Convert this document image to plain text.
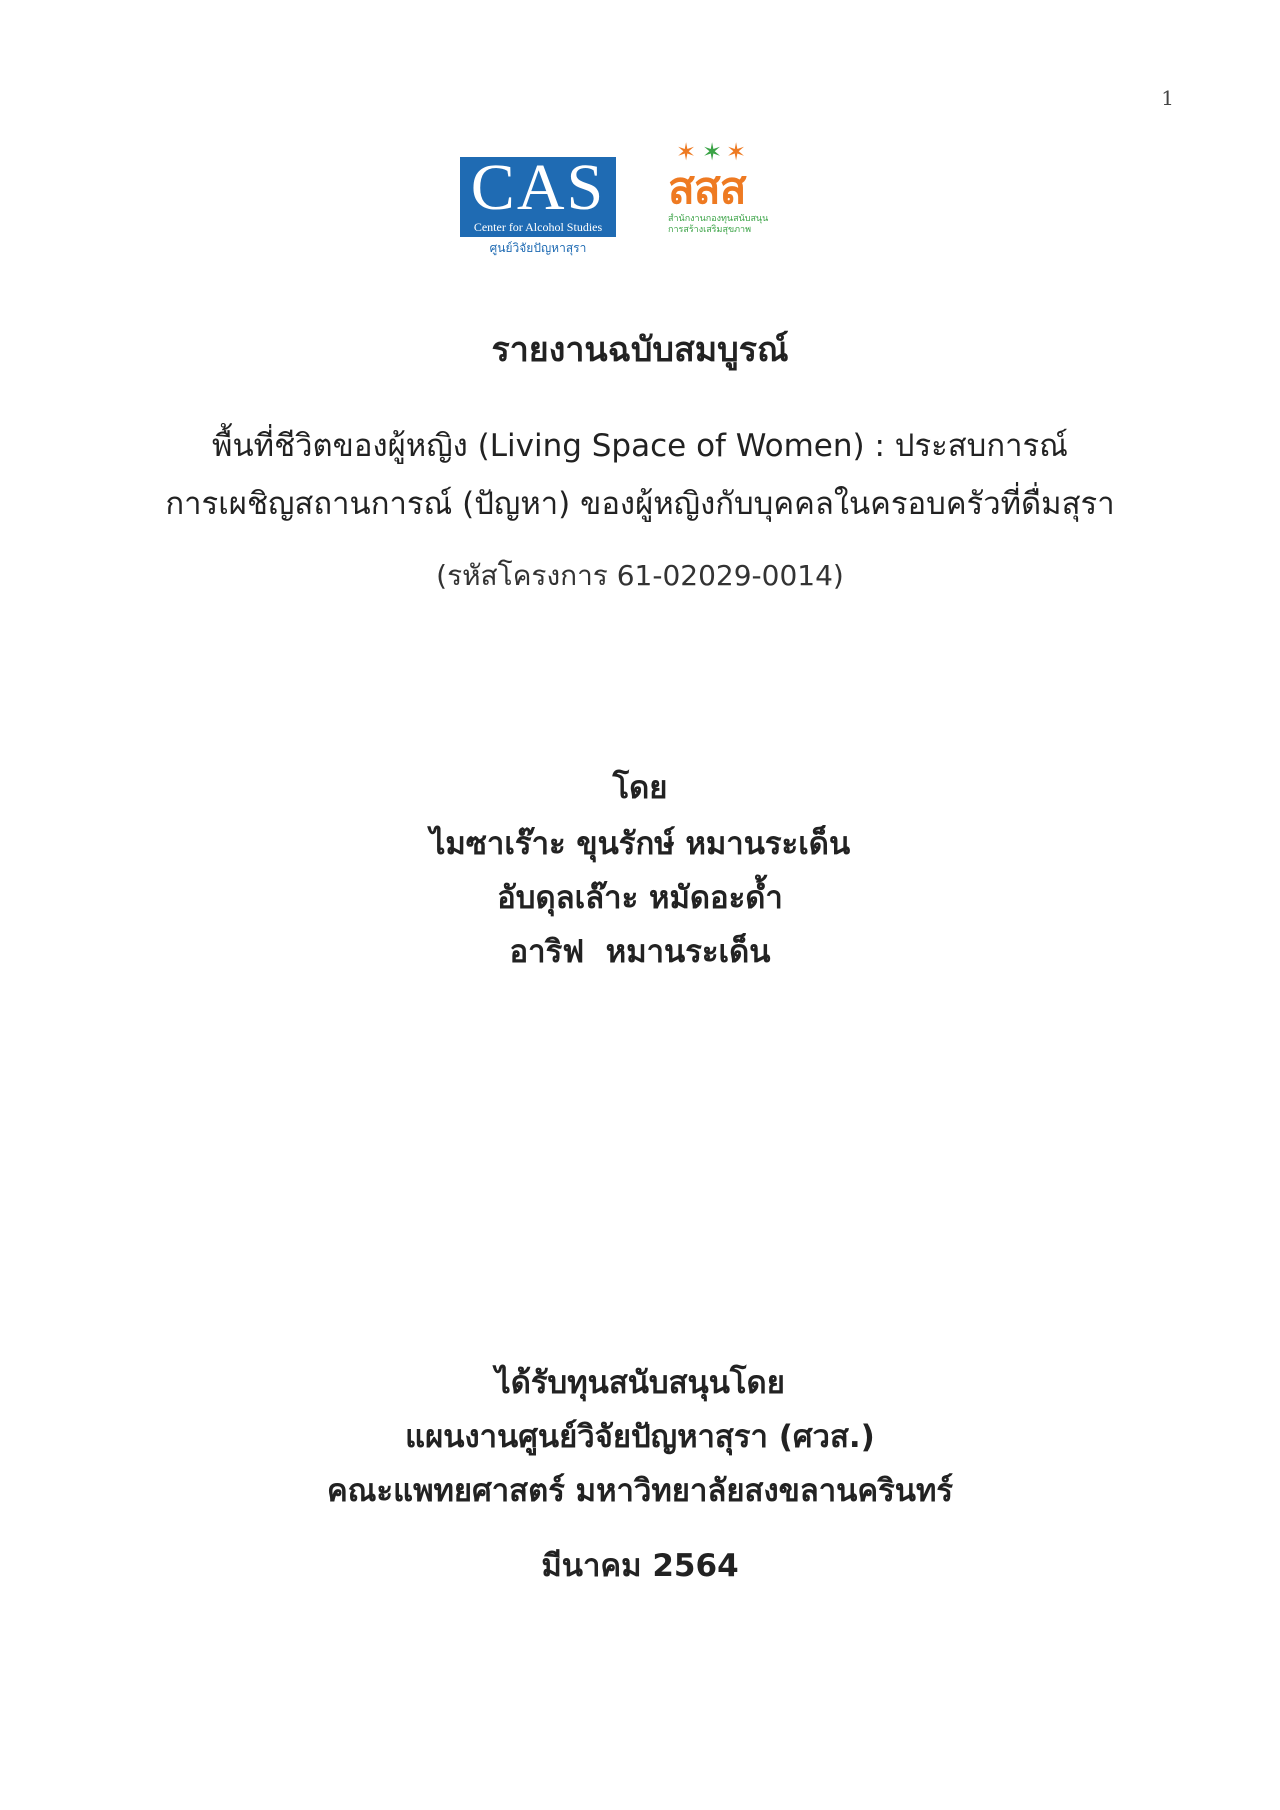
1
CAS
Center for Alcohol Studies
ศูนย์วิจัยปัญหาสุรา
✶ ✶ ✶
สสส
สำนักงานกองทุนสนับสนุน
การสร้างเสริมสุขภาพ
รายงานฉบับสมบูรณ์
พื้นที่ชีวิตของผู้หญิง (Living Space of Women) : ประสบการณ์
การเผชิญสถานการณ์ (ปัญหา) ของผู้หญิงกับบุคคลในครอบครัวที่ดื่มสุรา
(รหัสโครงการ 61-02029-0014)
โดย
ไมซาเร๊าะ ขุนรักษ์ หมานระเด็น
อับดุลเล๊าะ หมัดอะด้ำ
อาริฟ  หมานระเด็น
ได้รับทุนสนับสนุนโดย
แผนงานศูนย์วิจัยปัญหาสุรา (ศวส.)
คณะแพทยศาสตร์ มหาวิทยาลัยสงขลานครินทร์
มีนาคม 2564
